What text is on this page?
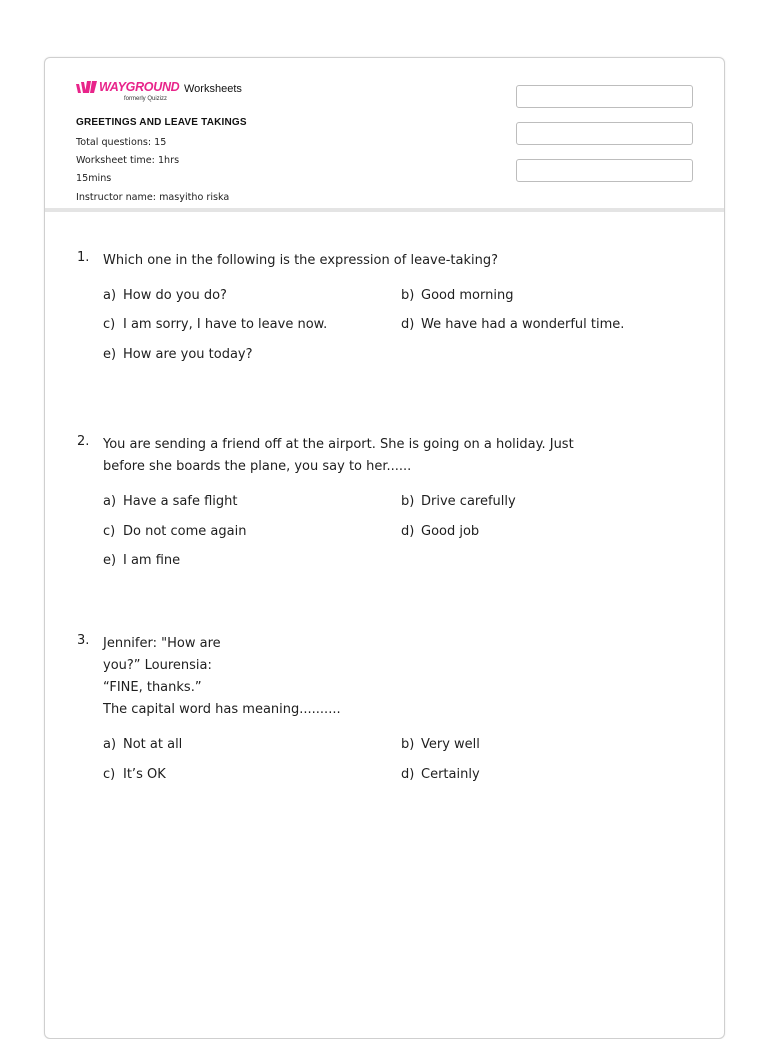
WAYGROUND
formerly Quizizz
Worksheets
GREETINGS AND LEAVE TAKINGS
Total questions: 15
Worksheet time: 1hrs
15mins
Instructor name: masyitho riska
1. Which one in the following is the expression of leave-taking?
a) How do you do?	b) Good morning
c) I am sorry, I have to leave now.	d) We have had a wonderful time.
e) How are you today?
2. You are sending a friend off at the airport. She is going on a holiday. Just
before she boards the plane, you say to her......
a) Have a safe flight	b) Drive carefully
c) Do not come again	d) Good job
e) I am fine
3. Jennifer: "How are
you?” Lourensia:
“FINE, thanks.”
The capital word has meaning..........
a) Not at all	b) Very well
c) It’s OK	d) Certainly
